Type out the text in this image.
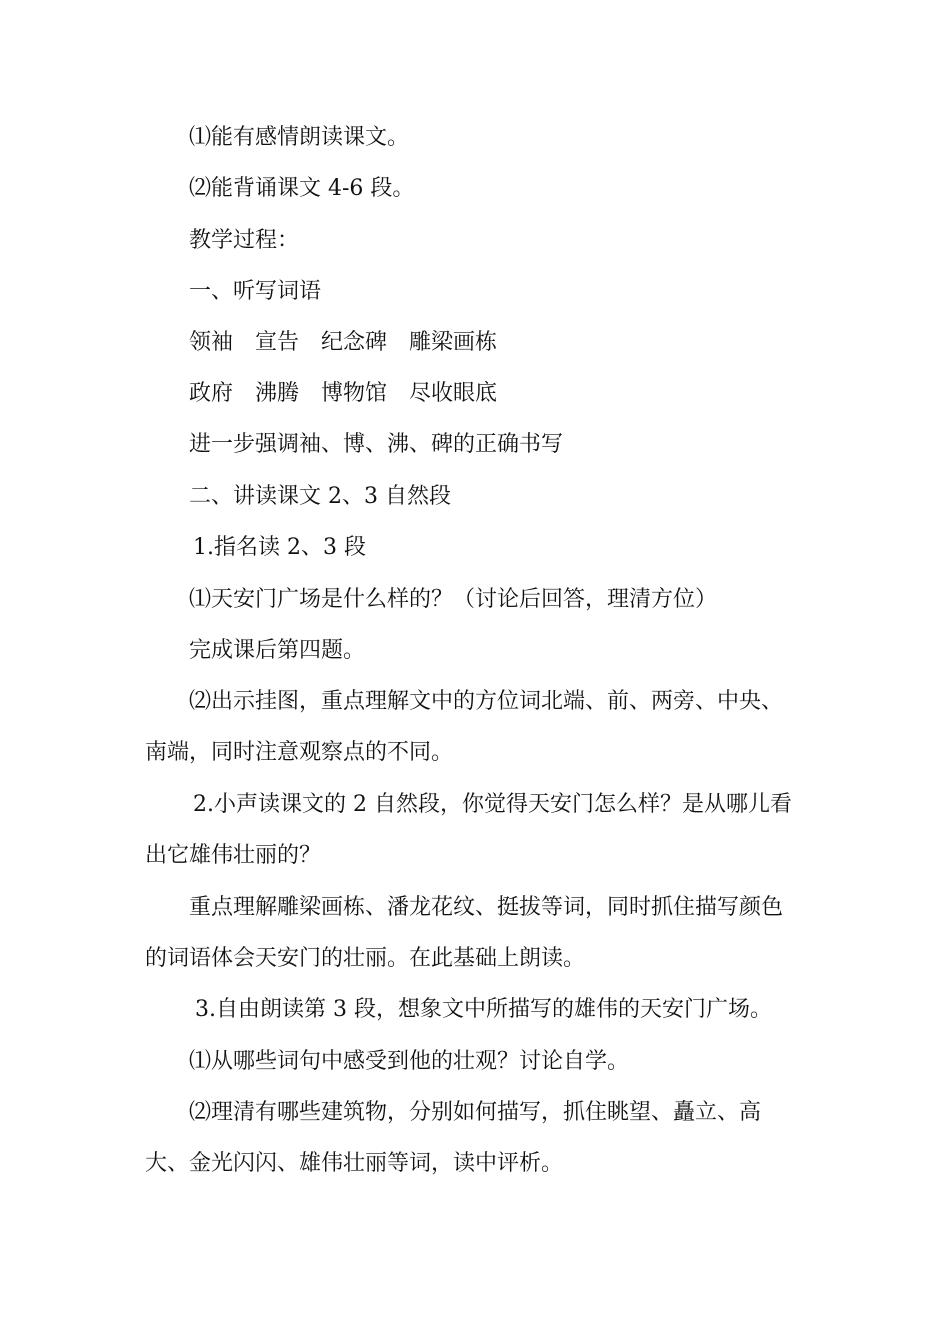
⑴能有感情朗读课文。
⑵能背诵课文 4-6 段。
教学过程：
一、听写词语
领袖 宣告 纪念碑 雕梁画栋
政府 沸腾 博物馆 尽收眼底
进一步强调袖、博、沸、碑的正确书写
二、讲读课文 2、3 自然段
1.指名读 2、3 段
⑴天安门广场是什么样的？（讨论后回答，理清方位）
完成课后第四题。
⑵出示挂图，重点理解文中的方位词北端、前、两旁、中央、
南端，同时注意观察点的不同。
2.小声读课文的 2 自然段，你觉得天安门怎么样？是从哪儿看
出它雄伟壮丽的？
重点理解雕梁画栋、潘龙花纹、挺拔等词，同时抓住描写颜色
的词语体会天安门的壮丽。在此基础上朗读。
3.自由朗读第 3 段，想象文中所描写的雄伟的天安门广场。
⑴从哪些词句中感受到他的壮观？讨论自学。
⑵理清有哪些建筑物，分别如何描写，抓住眺望、矗立、高
大、金光闪闪、雄伟壮丽等词，读中评析。
